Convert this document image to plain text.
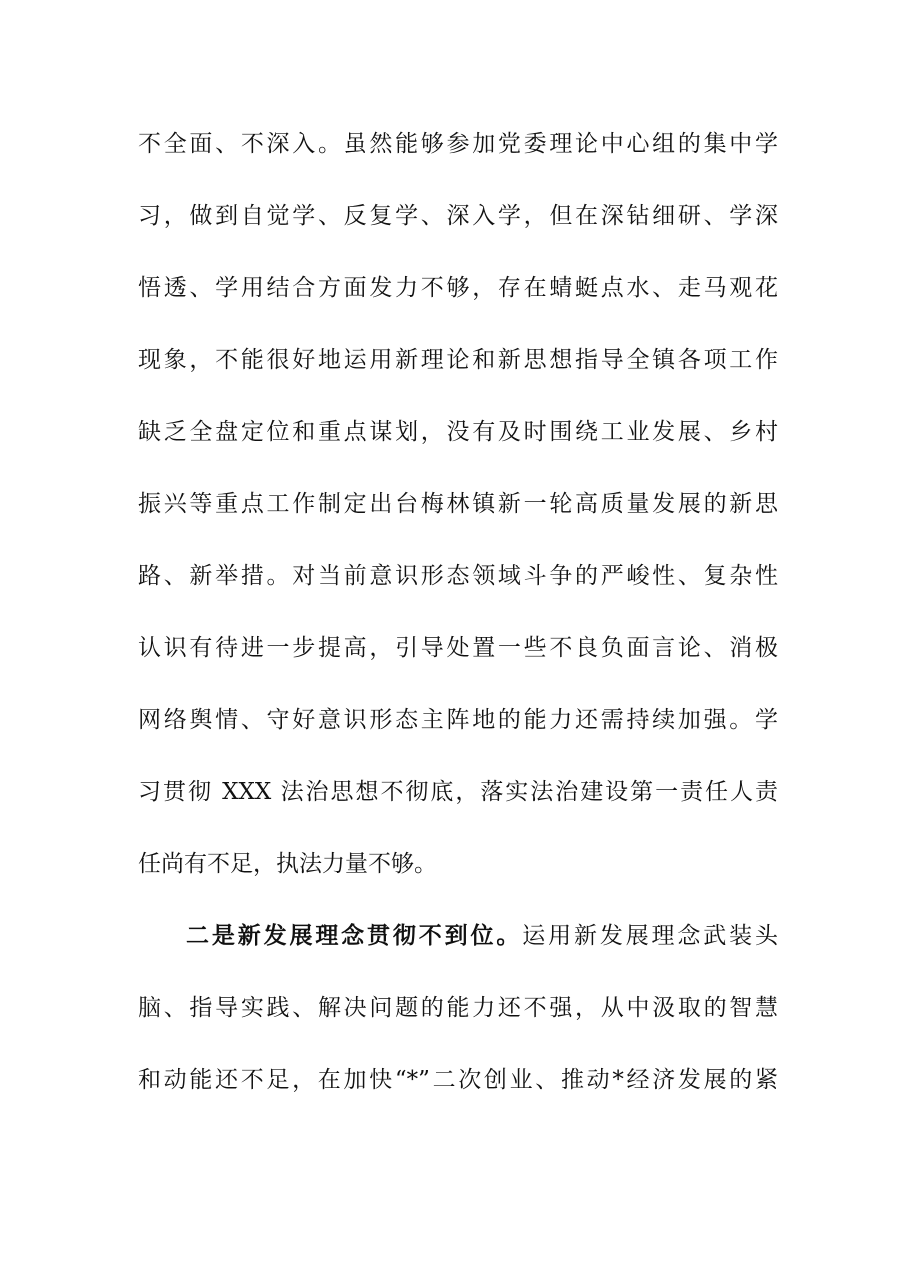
不全面、不深入。虽然能够参加党委理论中心组的集中学
习，做到自觉学、反复学、深入学，但在深钻细研、学深
悟透、学用结合方面发力不够，存在蜻蜓点水、走马观花
现象，不能很好地运用新理论和新思想指导全镇各项工作
缺乏全盘定位和重点谋划，没有及时围绕工业发展、乡村
振兴等重点工作制定出台梅林镇新一轮高质量发展的新思
路、新举措。对当前意识形态领域斗争的严峻性、复杂性
认识有待进一步提高，引导处置一些不良负面言论、消极
网络舆情、守好意识形态主阵地的能力还需持续加强。学
习贯彻 XXX 法治思想不彻底，落实法治建设第一责任人责
任尚有不足，执法力量不够。
二是新发展理念贯彻不到位。运用新发展理念武装头
脑、指导实践、解决问题的能力还不强，从中汲取的智慧
和动能还不足，在加快“*”二次创业、推动*经济发展的紧
